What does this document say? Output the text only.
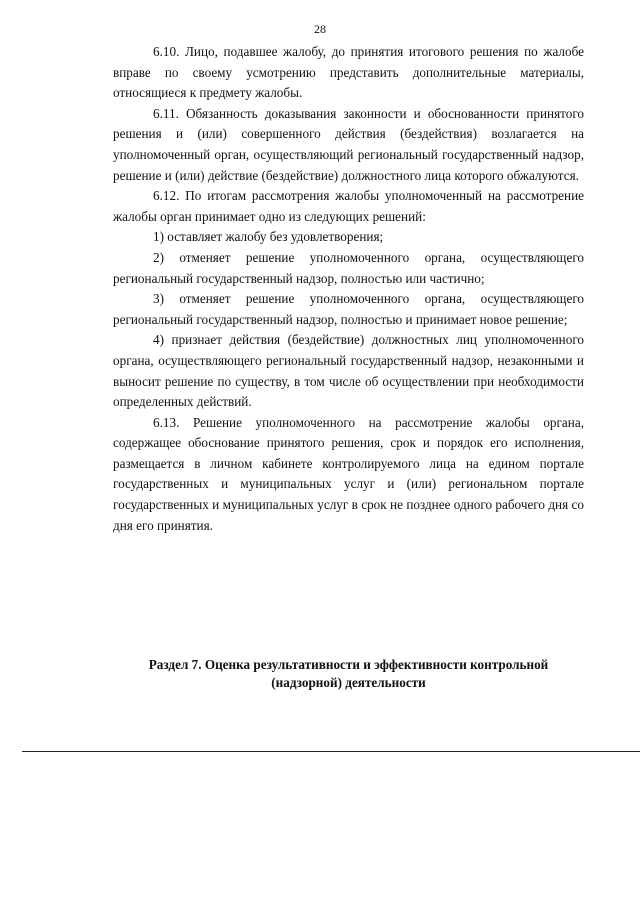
28

6.10. Лицо, подавшее жалобу, до принятия итогового решения по жалобе вправе по своему усмотрению представить дополнительные материалы, относящиеся к предмету жалобы.

6.11. Обязанность доказывания законности и обоснованности принятого решения и (или) совершенного действия (бездействия) возлагается на уполномоченный орган, осуществляющий региональный государственный надзор, решение и (или) действие (бездействие) должностного лица которого обжалуются.

6.12. По итогам рассмотрения жалобы уполномоченный на рассмотрение жалобы орган принимает одно из следующих решений:

1) оставляет жалобу без удовлетворения;

2) отменяет решение уполномоченного органа, осуществляющего региональный государственный надзор, полностью или частично;

3) отменяет решение уполномоченного органа, осуществляющего региональный государственный надзор, полностью и принимает новое решение;

4) признает действия (бездействие) должностных лиц уполномоченного органа, осуществляющего региональный государственный надзор, незаконными и выносит решение по существу, в том числе об осуществлении при необходимости определенных действий.

6.13. Решение уполномоченного на рассмотрение жалобы органа, содержащее обоснование принятого решения, срок и порядок его исполнения, размещается в личном кабинете контролируемого лица на едином портале государственных и муниципальных услуг и (или) региональном портале государственных и муниципальных услуг в срок не позднее одного рабочего дня со дня его принятия.

Раздел 7. Оценка результативности и эффективности контрольной
(надзорной) деятельности
